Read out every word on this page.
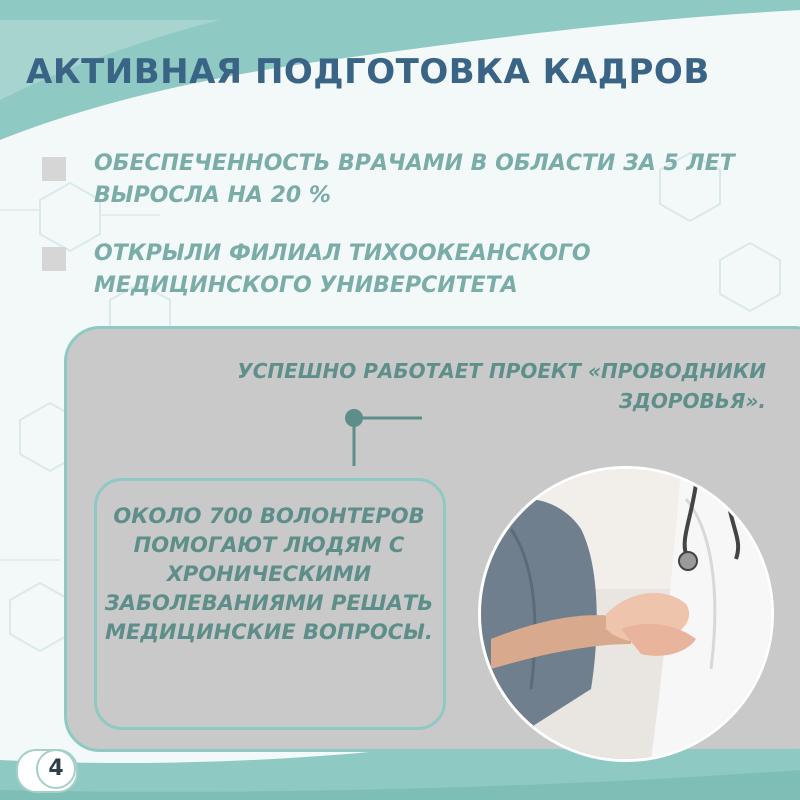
АКТИВНАЯ ПОДГОТОВКА КАДРОВ
ОБЕСПЕЧЕННОСТЬ ВРАЧАМИ В ОБЛАСТИ ЗА 5 ЛЕТ ВЫРОСЛА НА 20 %
ОТКРЫЛИ ФИЛИАЛ ТИХООКЕАНСКОГО МЕДИЦИНСКОГО УНИВЕРСИТЕТА
УСПЕШНО РАБОТАЕТ ПРОЕКТ «ПРОВОДНИКИ ЗДОРОВЬЯ».
ОКОЛО 700 ВОЛОНТЕРОВ ПОМОГАЮТ ЛЮДЯМ С ХРОНИЧЕСКИМИ ЗАБОЛЕВАНИЯМИ РЕШАТЬ МЕДИЦИНСКИЕ ВОПРОСЫ.
4
